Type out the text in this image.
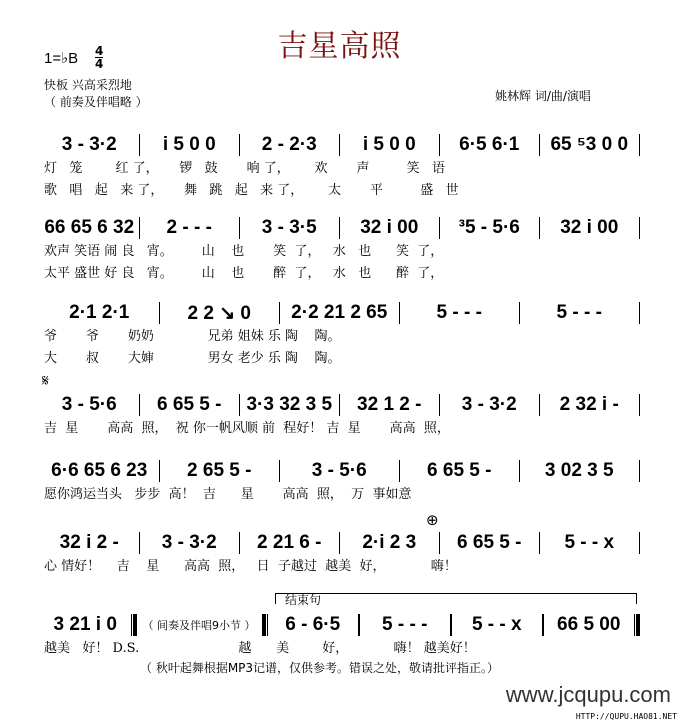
吉星高照
1=♭B 4
4
快板 兴高采烈地
（ 前奏及伴唱略 ）	姚林辉 词/曲/演唱
𝄋
⊕
结束句
3 - 3·2	i 5 0 0	2 - 2·3	i 5 0 0	6·5 6·1	65 ⁵3 0 0
灯   笼        红 了，     锣   鼓       响 了，      欢       声         笑   语
歌   唱   起   来 了，     舞   跳   起   来 了，      太       平         盛   世
66 65 6 32	2 - - -	3 - 3·5	32 i 00	³5 - 5·6	32 i 00
欢声 笑语 闹 良   宵。       山    也       笑  了，   水   也      笑  了，
太平 盛世 好 良   宵。       山    也       醉  了，   水   也      醉  了，
2·1 2·1	2 2 ↘ 0	2·2 21 2 65	5 - - -	5 - - -
爷       爷       奶奶             兄弟 姐妹 乐 陶    陶。
大       叔       大婶             男女 老少 乐 陶    陶。
3 - 5·6	6 65 5 -	3·3 32 3 5	32 1 2 -	3 - 3·2	2 32 i -
吉  星       高高  照，  祝 你一帆风顺 前  程好！ 吉  星       高高  照，
6·6 65 6 23	2 65 5 -	3 - 5·6	6 65 5 -	3 02 3 5
愿你鸿运当头   步步  高！  吉      星       高高  照，  万  事如意
32 i 2 -	3 - 3·2	2 21 6 -	2·i 2 3	6 65 5 -	5 - - x
心 情好！    吉    星      高高  照，   日  子越过  越美  好，           嗨！
3 21 i 0	（ 间奏及伴唱9小节 ）	6 - 6·5	5 - - -	5 - - x	66 5 00
越美   好！ D.S.                        越      美        好，           嗨！ 越美好！
（ 秋叶起舞根据MP3记谱，仅供参考。错误之处，敬请批评指正。）
www.jcqupu.com
HTTP://QUPU.HAO81.NET
